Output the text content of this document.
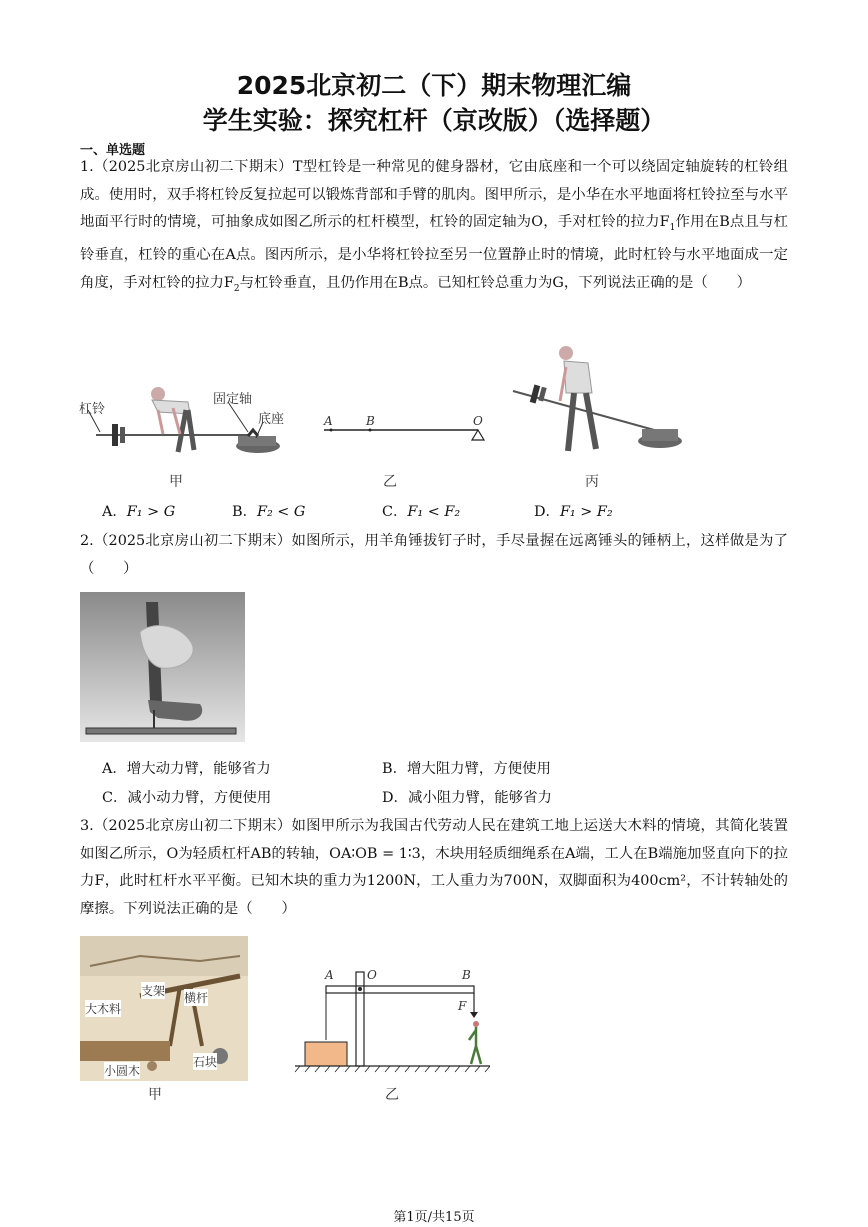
2025北京初二（下）期末物理汇编
学生实验：探究杠杆（京改版）（选择题）
一、单选题
1.（2025北京房山初二下期末）T型杠铃是一种常见的健身器材，它由底座和一个可以绕固定轴旋转的杠铃组成。使用时，双手将杠铃反复拉起可以锻炼背部和手臂的肌肉。图甲所示，是小华在水平地面将杠铃拉至与水平地面平行时的情境，可抽象成如图乙所示的杠杆模型，杠铃的固定轴为O，手对杠铃的拉力$F_1$作用在B点且与杠铃垂直，杠铃的重心在A点。图丙所示，是小华将杠铃拉至另一位置静止时的情境，此时杠铃与水平地面成一定角度，手对杠铃的拉力$F_2$与杠铃垂直，且仍作用在B点。已知杠铃总重力为G，下列说法正确的是（　　）
杠铃
固定轴
底座	A	B	O
甲	乙	丙
A．F₁ > G	B．F₂ < G	C．F₁ < F₂	D．F₁ > F₂
2.（2025北京房山初二下期末）如图所示，用羊角锤拔钉子时，手尽量握在远离锤头的锤柄上，这样做是为了（　　）
A．增大动力臂，能够省力	B．增大阻力臂，方便使用
C．减小动力臂，方便使用	D．减小阻力臂，能够省力
3.（2025北京房山初二下期末）如图甲所示为我国古代劳动人民在建筑工地上运送大木料的情境，其简化装置如图乙所示，O为轻质杠杆AB的转轴，OA∶OB = 1∶3，木块用轻质细绳系在A端，工人在B端施加竖直向下的拉力F，此时杠杆水平平衡。已知木块的重力为1200N，工人重力为700N，双脚面积为400cm²，不计转轴处的摩擦。下列说法正确的是（　　）
支架 横杆
大木料
石块
小圆木
A	O	B
F
甲	乙
第1页/共15页
